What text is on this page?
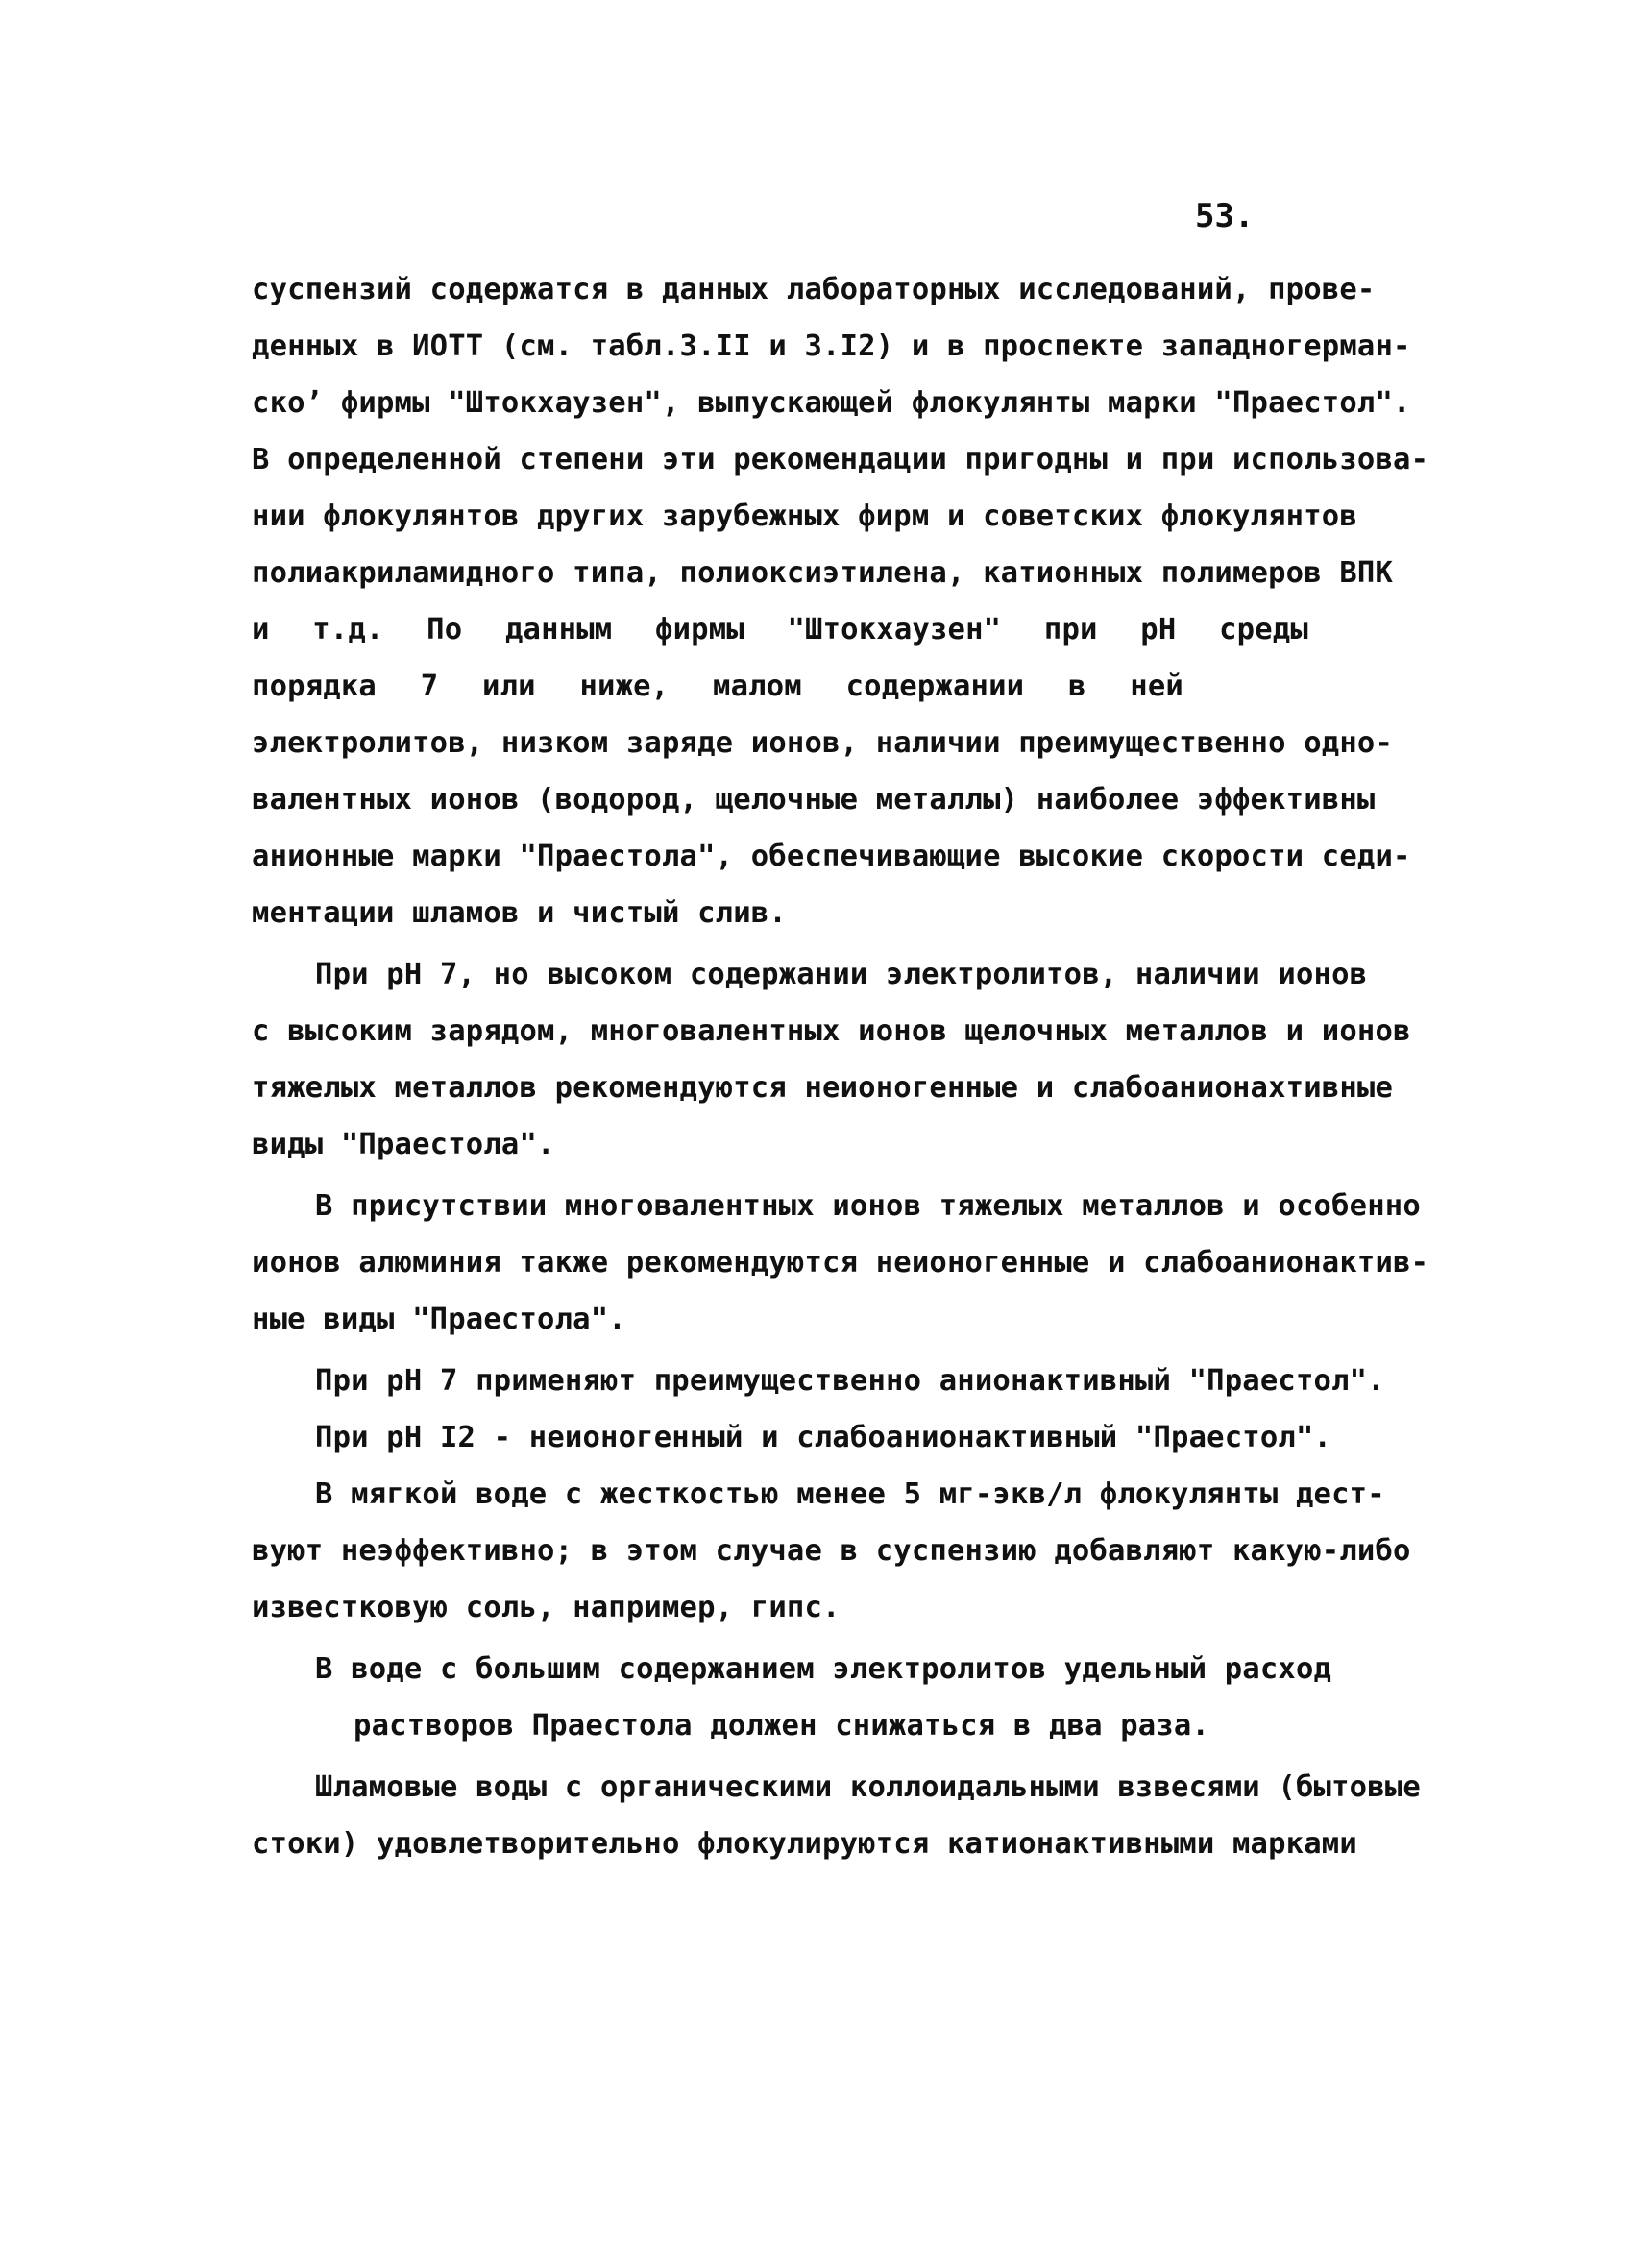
53.
суспензий содержатся в данных лабораторных исследований, прове-
денных в ИОТТ (см. табл.3.II и 3.I2) и в проспекте западногерман-
скоʼ фирмы "Штокхаузен", выпускающей флокулянты марки "Праестол".
В определенной степени эти рекомендации пригодны и при использова-
нии флокулянтов других зарубежных фирм и советских флокулянтов
полиакриламидного типа, полиоксиэтилена, катионных полимеров ВПК
и т.д. По данным фирмы "Штокхаузен" при pH среды
порядка 7 или ниже, малом содержании в ней
электролитов, низком заряде ионов, наличии преимущественно одно-
валентных ионов (водород, щелочные металлы) наиболее эффективны
анионные марки "Праестола", обеспечивающие высокие скорости седи-
ментации шламов и чистый слив.
При pH 7, но высоком содержании электролитов, наличии ионов
с высоким зарядом, многовалентных ионов щелочных металлов и ионов
тяжелых металлов рекомендуются неионогенные и слабоанионахтивные
виды "Праестола".
В присутствии многовалентных ионов тяжелых металлов и особенно
ионов алюминия также рекомендуются неионогенные и слабоанионактив-
ные виды "Праестола".
При pH 7 применяют преимущественно анионактивный "Праестол".
При pH I2 - неионогенный и слабоанионактивный "Праестол".
В мягкой воде с жесткостью менее 5 мг-экв/л флокулянты дест-
вуют неэффективно; в этом случае в суспензию добавляют какую-либо
известковую соль, например, гипс.
В воде с большим содержанием электролитов удельный расход
растворов Праестола должен снижаться в два раза.
Шламовые воды с органическими коллоидальными взвесями (бытовые
стоки) удовлетворительно флокулируются катионактивными марками
